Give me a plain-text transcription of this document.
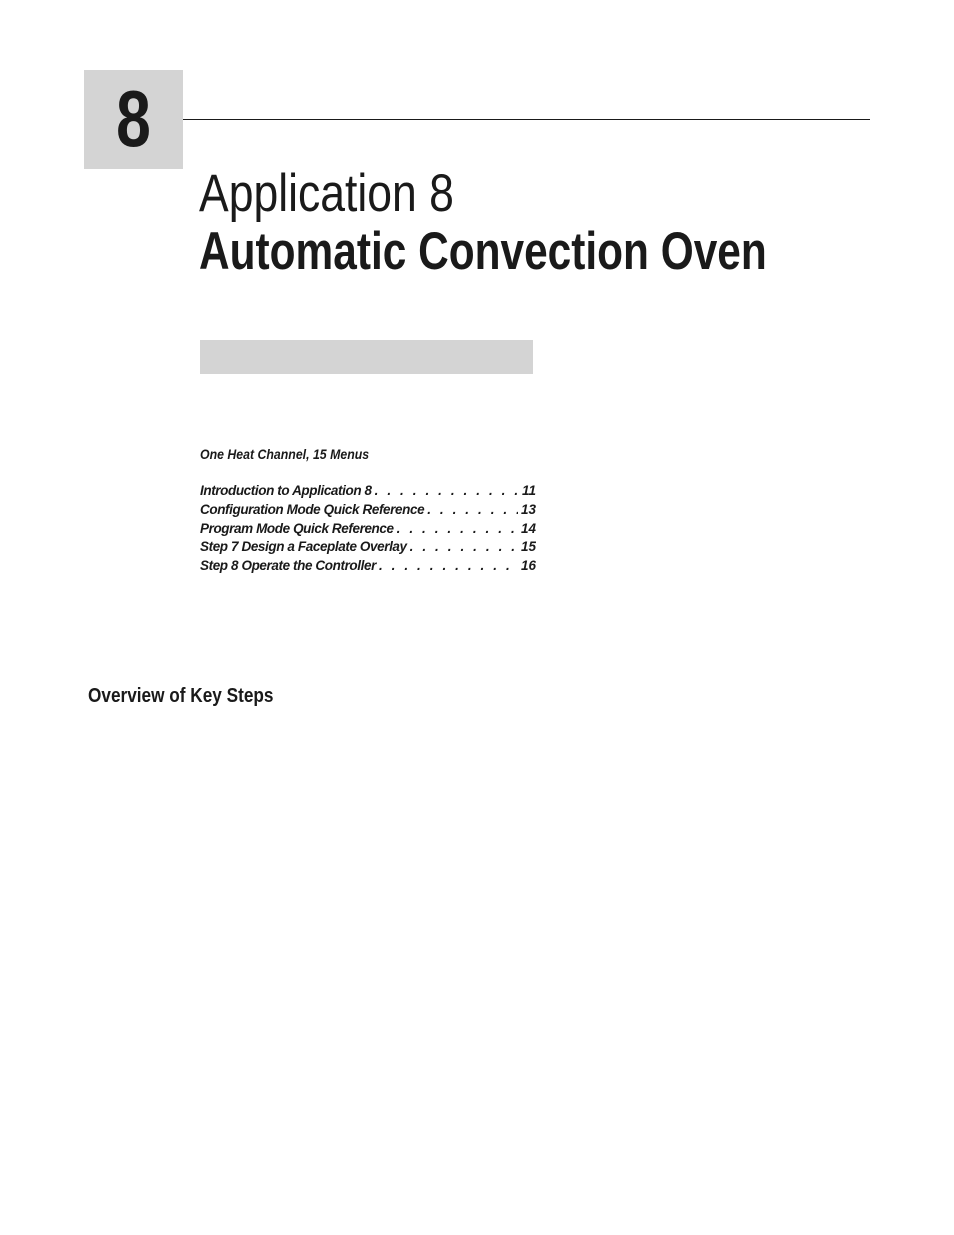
8
Application 8
Automatic Convection Oven
One Heat Channel, 15 Menus
Introduction to Application 8 . . .	11
Configuration Mode Quick Reference . . .	13
Program Mode Quick Reference . . .	14
Step 7 Design a Faceplate Overlay . . .	15
Step 8 Operate the Controller . . .	16
Overview of Key Steps
